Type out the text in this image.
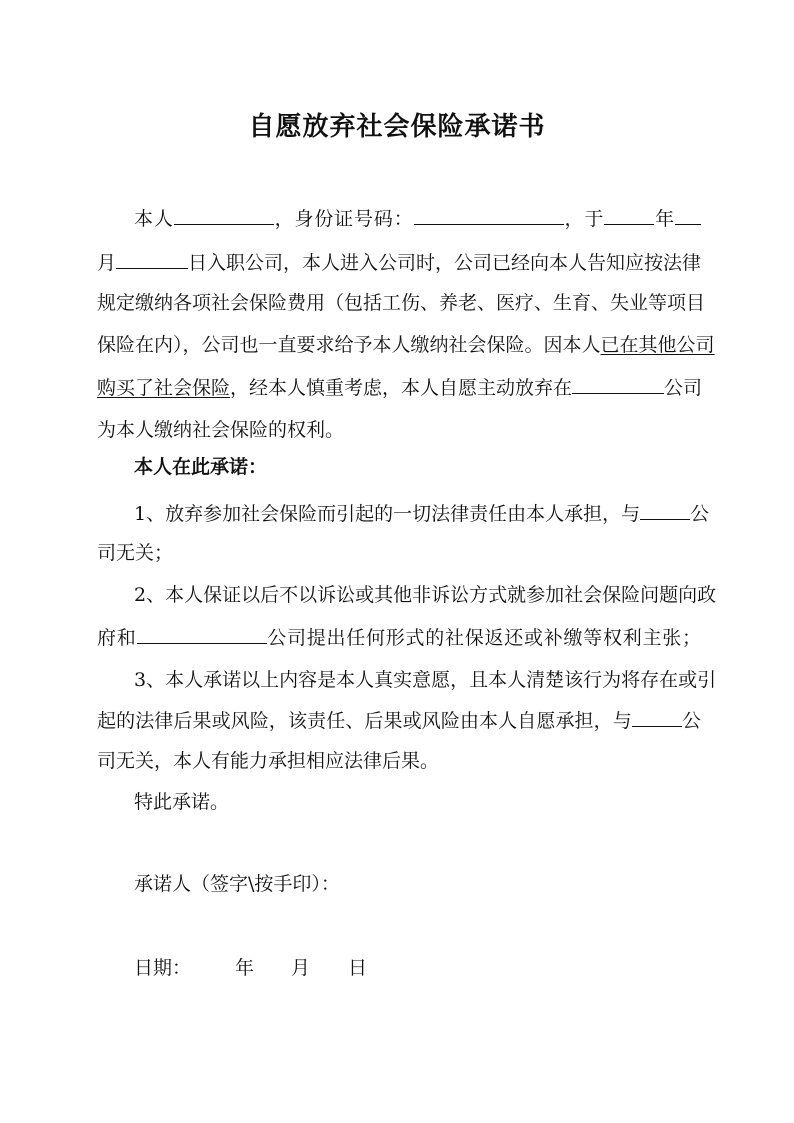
自愿放弃社会保险承诺书
本人	，身份证号码：	，于	年
月	日入职公司，本人进入公司时，公司已经向本人告知应按法律
规定缴纳各项社会保险费用（包括工伤、养老、医疗、生育、失业等项目
保险在内），公司也一直要求给予本人缴纳社会保险。因本人已在其他公司
购买了社会保险，经本人慎重考虑，本人自愿主动放弃在	公司
为本人缴纳社会保险的权利。
本人在此承诺：
1、放弃参加社会保险而引起的一切法律责任由本人承担，与	公
司无关；
2、本人保证以后不以诉讼或其他非诉讼方式就参加社会保险问题向政
府和	公司提出任何形式的社保返还或补缴等权利主张；
3、本人承诺以上内容是本人真实意愿，且本人清楚该行为将存在或引
起的法律后果或风险，该责任、后果或风险由本人自愿承担，与	公
司无关，本人有能力承担相应法律后果。
特此承诺。
承诺人（签字\按手印）：
日期： 年 月 日
